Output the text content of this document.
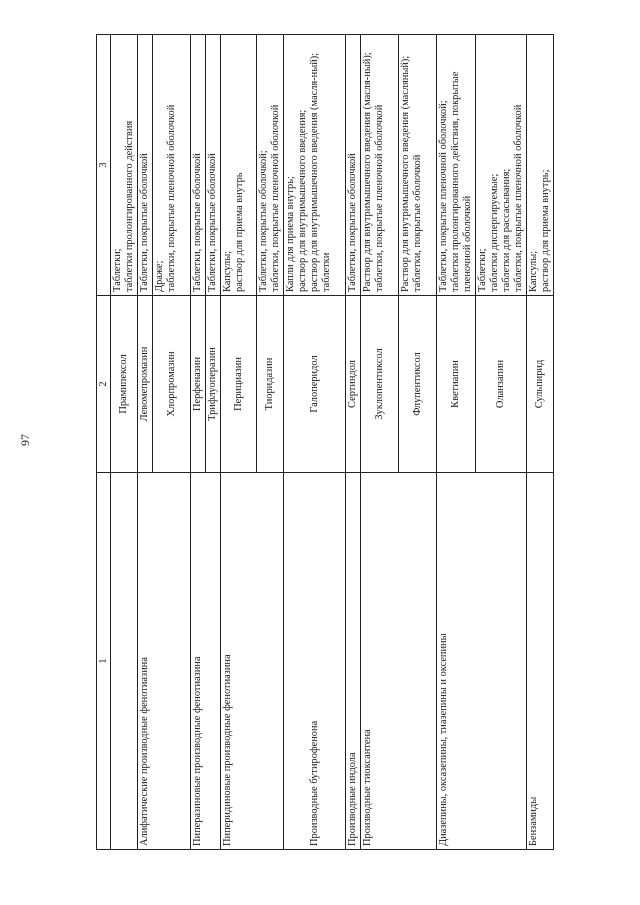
97
1	2	3
	Прамипексол	Таблетки; таблетки пролонгированного действия

Алифатические производные фенотиазина	Левомепромазин	Таблетки, покрытые оболочкой

	Хлорпромазин	Драже; таблетки, покрытые пленочной оболочкой

Пиперазиновые производные фенотиазина	Перфеназин	Таблетки, покрытые оболочкой

	Трифлуоперазин	Таблетки, покрытые оболочкой

Пиперидиновые производные фенотиазина	Перициазин	Капсулы; раствор для приема внутрь

	Тиоридазин	Таблетки, покрытые оболочкой; таблетки, покрытые пленочной оболочкой

Производные бутирофенона	Галоперидол	Капли для приема внутрь; раствор для внутримышечного введения; раствор для внутримышечного введения (масля-ный); таблетки

Производные индола	Сертиндол	Таблетки, покрытые оболочкой

Производные тиоксантена	Зуклопентиксол	Раствор для внутримышечного введения (масля-ный); таблетки, покрытые пленочной оболочкой

	Флупентиксол	Раствор для внутримышечного введения (масляный); таблетки, покрытые оболочкой

Диазепины, оксазепины, тиазепины и оксепины	Кветиапин	Таблетки, покрытые пленочной оболочкой; таблетки пролонгированного действия, покрытые пленочной оболочкой

	Оланзапин	Таблетки; таблетки диспергируемые; таблетки для рассасывания; таблетки, покрытые пленочной оболочкой

Бензамиды	Сульпирид	Капсулы; раствор для приема внутрь;
